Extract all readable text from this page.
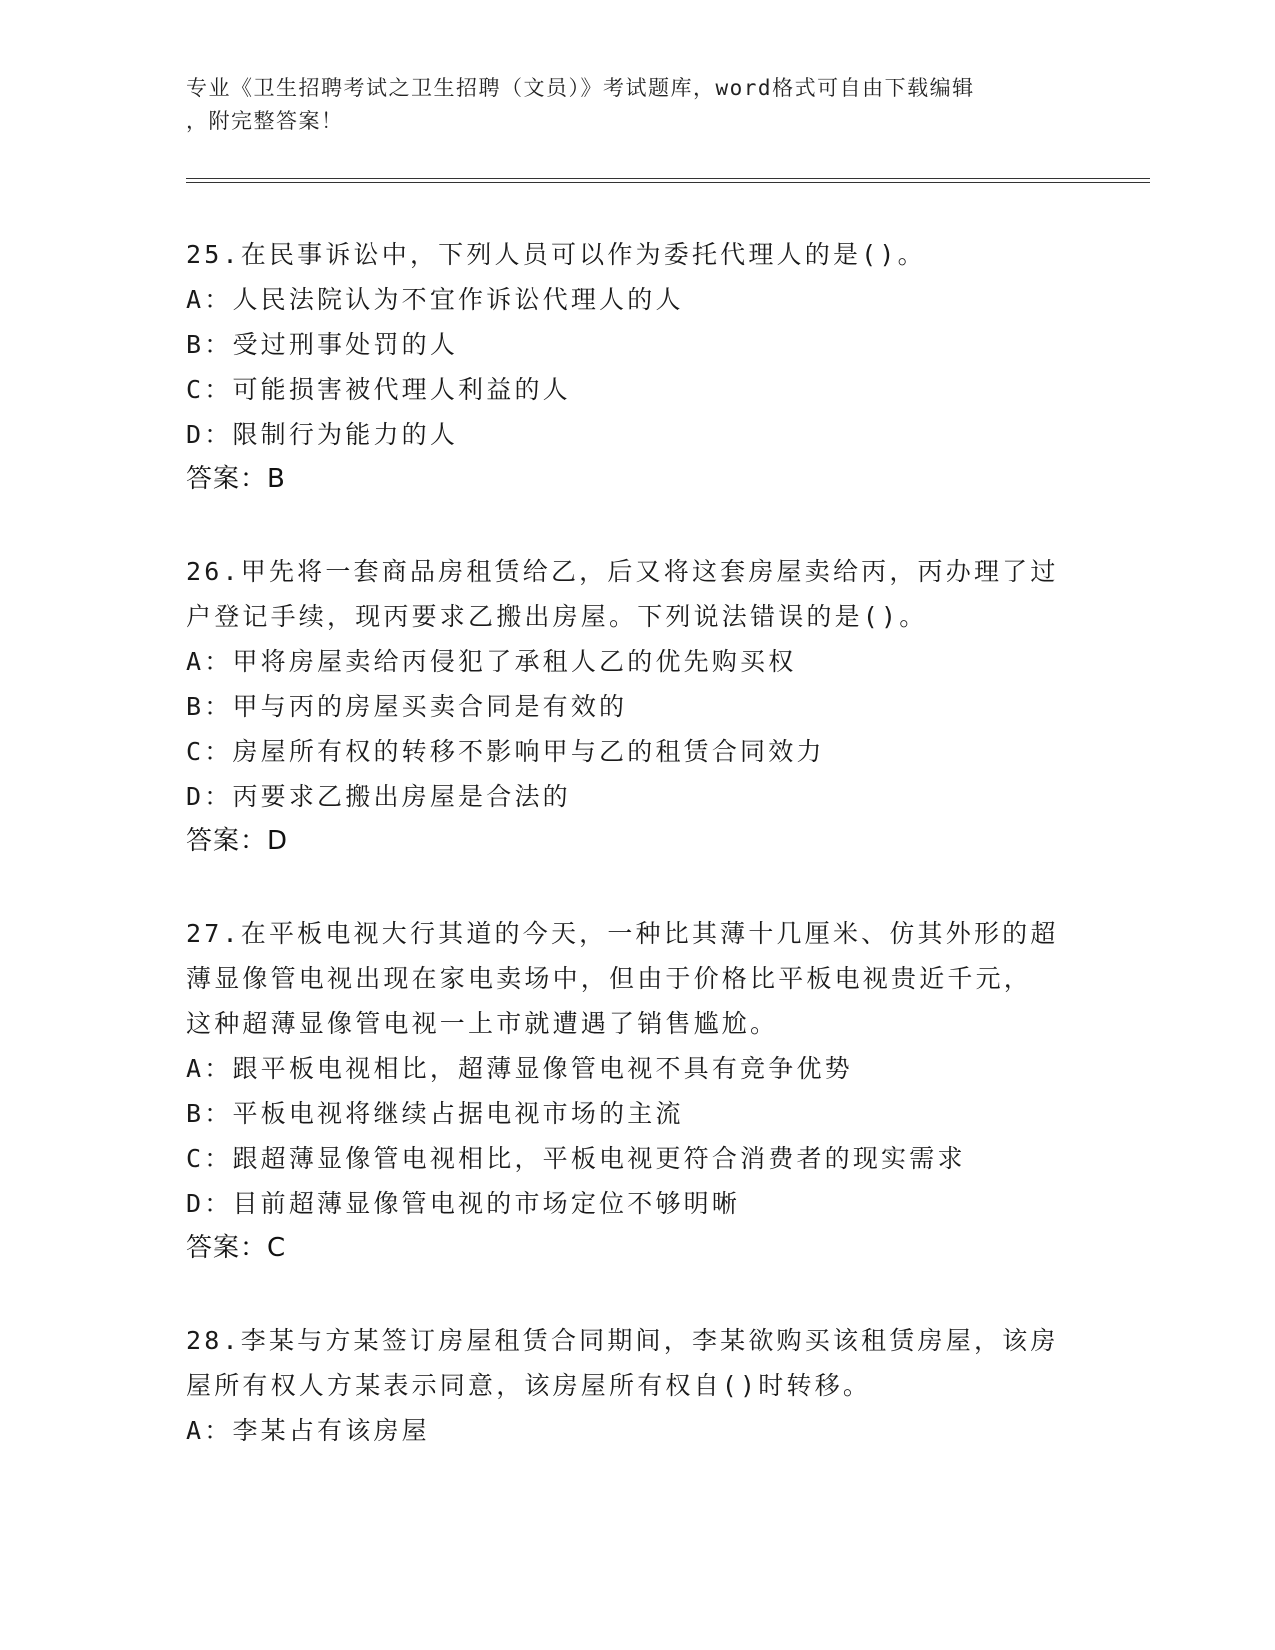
专业《卫生招聘考试之卫生招聘（文员）》考试题库，word格式可自由下载编辑
，附完整答案！
25.在民事诉讼中，下列人员可以作为委托代理人的是()。
A：人民法院认为不宜作诉讼代理人的人
B：受过刑事处罚的人
C：可能损害被代理人利益的人
D：限制行为能力的人
答案：B
26.甲先将一套商品房租赁给乙，后又将这套房屋卖给丙，丙办理了过
户登记手续，现丙要求乙搬出房屋。下列说法错误的是()。
A：甲将房屋卖给丙侵犯了承租人乙的优先购买权
B：甲与丙的房屋买卖合同是有效的
C：房屋所有权的转移不影响甲与乙的租赁合同效力
D：丙要求乙搬出房屋是合法的
答案：D
27.在平板电视大行其道的今天，一种比其薄十几厘米、仿其外形的超
薄显像管电视出现在家电卖场中，但由于价格比平板电视贵近千元，
这种超薄显像管电视一上市就遭遇了销售尴尬。
A：跟平板电视相比，超薄显像管电视不具有竞争优势
B：平板电视将继续占据电视市场的主流
C：跟超薄显像管电视相比，平板电视更符合消费者的现实需求
D：目前超薄显像管电视的市场定位不够明晰
答案：C
28.李某与方某签订房屋租赁合同期间，李某欲购买该租赁房屋，该房
屋所有权人方某表示同意，该房屋所有权自()时转移。
A：李某占有该房屋
